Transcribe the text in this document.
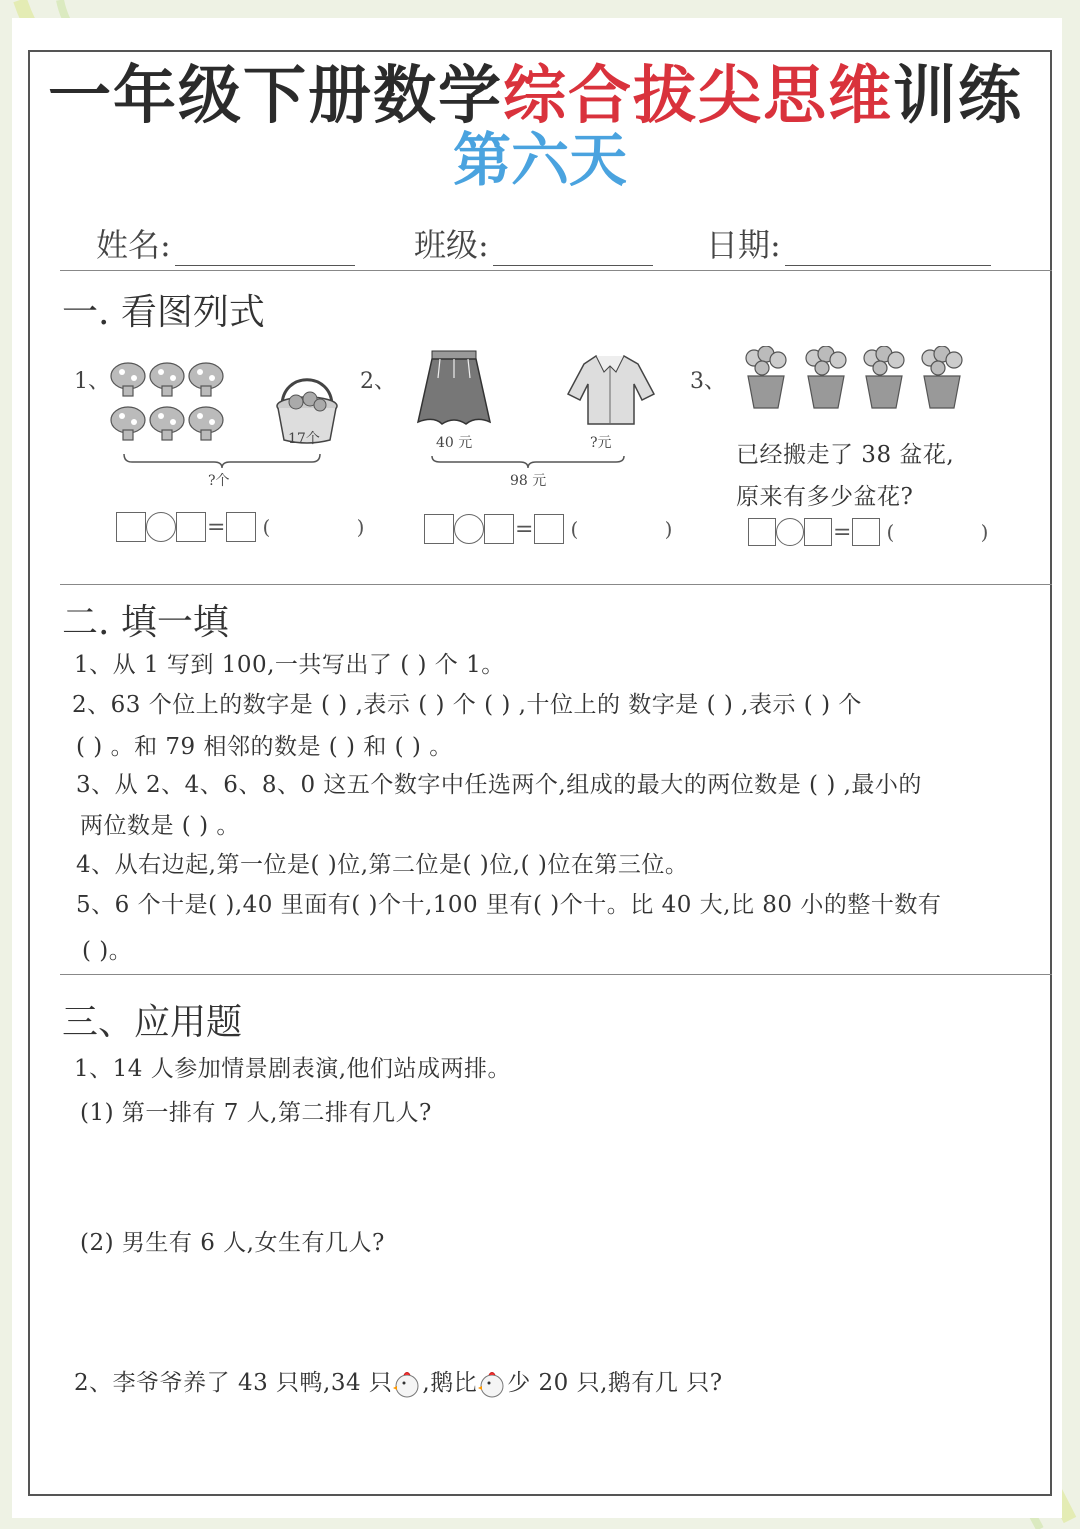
一年级下册数学综合拔尖思维训练
第六天
姓名:	班级:	日期:
一. 看图列式
1、
17个
?个
= ( )
2、
40 元	?元
98 元
= ( )
3、
已经搬走了 38 盆花,
原来有多少盆花?
= ( )
二. 填一填
1、从 1 写到 100,一共写出了 ( ) 个 1。
2、63 个位上的数字是 ( ) ,表示 ( ) 个 ( ) ,十位上的 数字是 ( ) ,表示 ( ) 个
( ) 。和 79 相邻的数是 ( ) 和 ( ) 。
3、从 2、4、6、8、0 这五个数字中任选两个,组成的最大的两位数是 ( ) ,最小的
两位数是 ( ) 。
4、从右边起,第一位是( )位,第二位是( )位,( )位在第三位。
5、6 个十是( ),40 里面有( )个十,100 里有( )个十。比 40 大,比 80 小的整十数有
( )。
三、应用题
1、14 人参加情景剧表演,他们站成两排。
(1) 第一排有 7 人,第二排有几人?
(2) 男生有 6 人,女生有几人?
2、李爷爷养了 43 只鸭,34 只 ,鹅比 少 20 只,鹅有几 只?
